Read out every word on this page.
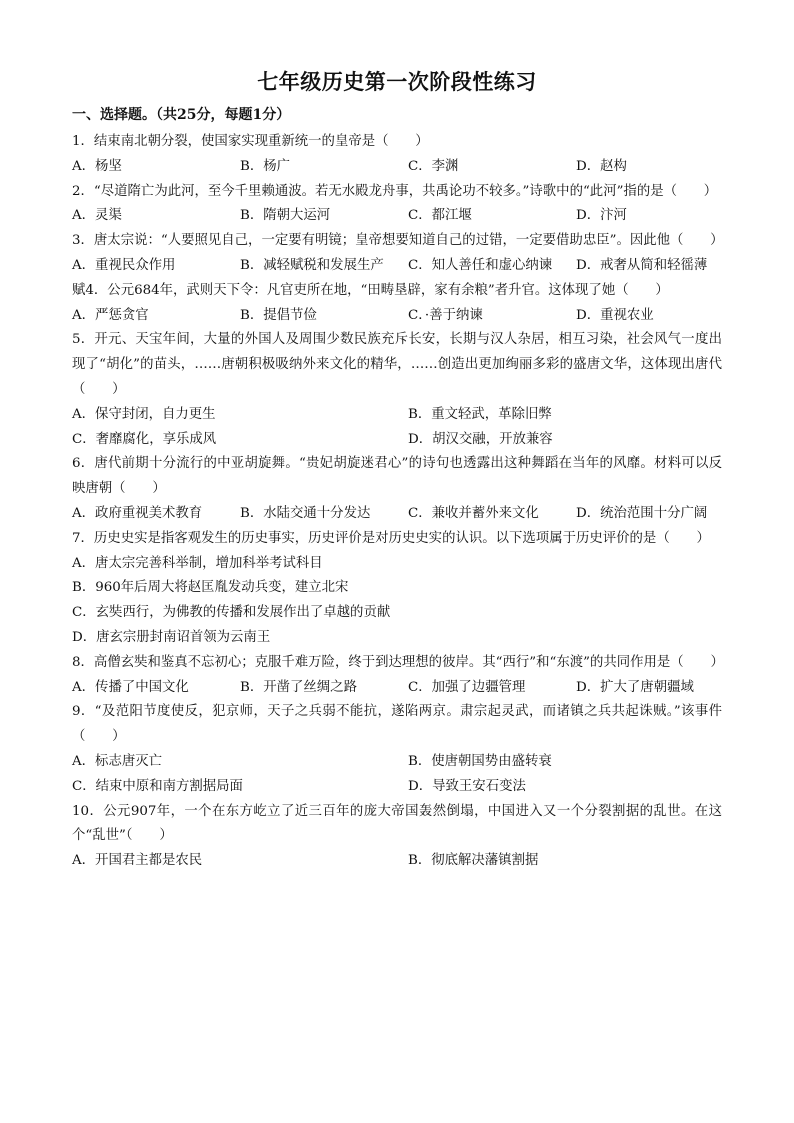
七年级历史第一次阶段性练习
一、选择题。（共25分，每题1分）

1．结束南北朝分裂，使国家实现重新统一的皇帝是（　　）

A．杨坚	B．杨广	C．李渊	D．赵构

2．“尽道隋亡为此河，至今千里赖通波。若无水殿龙舟事，共禹论功不较多。”诗歌中的“此河”指的是（　　）

A．灵渠	B．隋朝大运河	C．都江堰	D．汴河

3．唐太宗说：“人要照见自己，一定要有明镜；皇帝想要知道自己的过错，一定要借助忠臣”。因此他（　　）

A．重视民众作用	B．减轻赋税和发展生产	C．知人善任和虚心纳谏	D．戒奢从简和轻徭薄

赋4．公元684年，武则天下令：凡官吏所在地，“田畴垦辟，家有余粮”者升官。这体现了她（　　）

A．严惩贪官	B．提倡节俭	C．·善于纳谏	D．重视农业

5．开元、天宝年间，大量的外国人及周围少数民族充斥长安，长期与汉人杂居，相互习染，社会风气一度出现了“胡化”的苗头，……唐朝积极吸纳外来文化的精华，……创造出更加绚丽多彩的盛唐文华，这体现出唐代（　　）

A．保守封闭，自力更生	B．重文轻武，革除旧弊
C．奢靡腐化，享乐成风	D．胡汉交融，开放兼容

6．唐代前期十分流行的中亚胡旋舞。“贵妃胡旋迷君心”的诗句也透露出这种舞蹈在当年的风靡。材料可以反映唐朝（　　）

A．政府重视美术教育	B．水陆交通十分发达	C．兼收并蓄外来文化	D．统治范围十分广阔

7．历史史实是指客观发生的历史事实，历史评价是对历史史实的认识。以下选项属于历史评价的是（　　）

A．唐太宗完善科举制，增加科举考试科目
B．960年后周大将赵匡胤发动兵变，建立北宋
C．玄奘西行，为佛教的传播和发展作出了卓越的贡献
D．唐玄宗册封南诏首领为云南王

8．高僧玄奘和鉴真不忘初心；克服千难万险，终于到达理想的彼岸。其“西行”和“东渡”的共同作用是（　　）

A．传播了中国文化	B．开凿了丝绸之路	C．加强了边疆管理	D．扩大了唐朝疆域

9．“及范阳节度使反，犯京师，天子之兵弱不能抗，遂陷两京。肃宗起灵武，而诸镇之兵共起诛贼。”该事件（　　）

A．标志唐灭亡	B．使唐朝国势由盛转衰
C．结束中原和南方割据局面	D．导致王安石变法

10．公元907年，一个在东方屹立了近三百年的庞大帝国轰然倒塌，中国进入又一个分裂割据的乱世。在这个“乱世”（　　）

A．开国君主都是农民	B．彻底解决藩镇割据
